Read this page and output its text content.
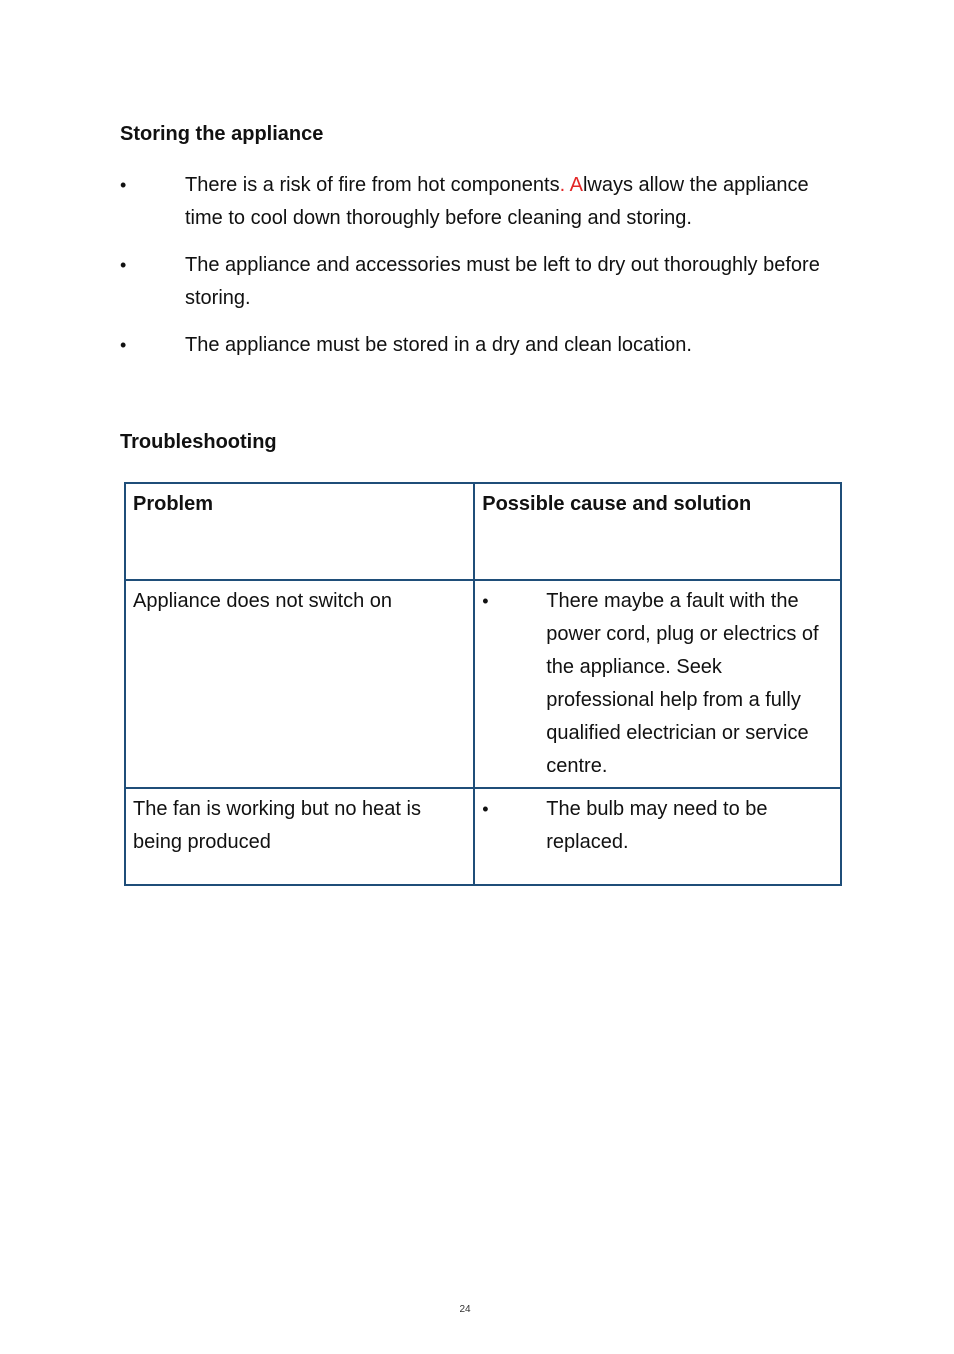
Storing the appliance
•	There is a risk of fire from hot components. Always allow the appliance time to cool down thoroughly before cleaning and storing.
•	The appliance and accessories must be left to dry out thoroughly before storing.
•	The appliance must be stored in a dry and clean location.
Troubleshooting
Problem	Possible cause and solution
Appliance does not switch on	• There maybe a fault with the power cord, plug or electrics of the appliance. Seek professional help from a fully qualified electrician or service centre.

The fan is working but no heat is being produced	• The bulb may need to be replaced.
24
